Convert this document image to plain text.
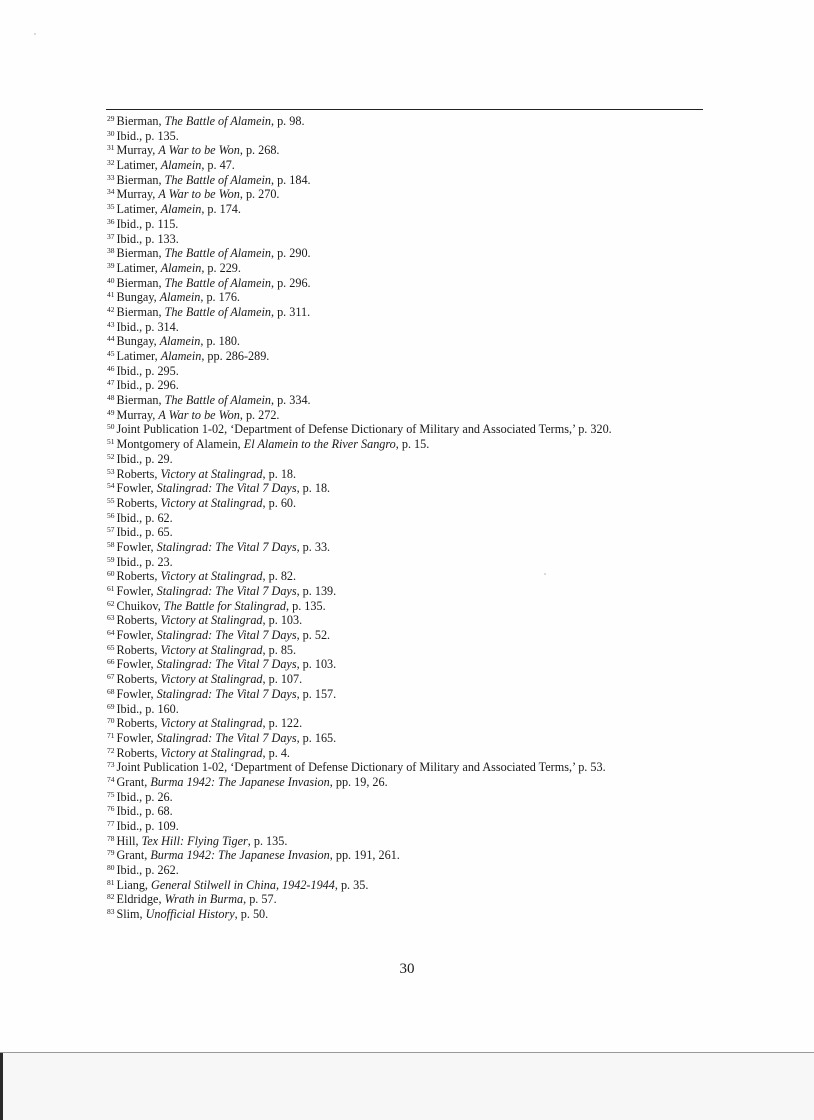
$^{29}$ Bierman, The Battle of Alamein, p. 98.
$^{30}$ Ibid., p. 135.
$^{31}$ Murray, A War to be Won, p. 268.
$^{32}$ Latimer, Alamein, p. 47.
$^{33}$ Bierman, The Battle of Alamein, p. 184.
$^{34}$ Murray, A War to be Won, p. 270.
$^{35}$ Latimer, Alamein, p. 174.
$^{36}$ Ibid., p. 115.
$^{37}$ Ibid., p. 133.
$^{38}$ Bierman, The Battle of Alamein, p. 290.
$^{39}$ Latimer, Alamein, p. 229.
$^{40}$ Bierman, The Battle of Alamein, p. 296.
$^{41}$ Bungay, Alamein, p. 176.
$^{42}$ Bierman, The Battle of Alamein, p. 311.
$^{43}$ Ibid., p. 314.
$^{44}$ Bungay, Alamein, p. 180.
$^{45}$ Latimer, Alamein, pp. 286-289.
$^{46}$ Ibid., p. 295.
$^{47}$ Ibid., p. 296.
$^{48}$ Bierman, The Battle of Alamein, p. 334.
$^{49}$ Murray, A War to be Won, p. 272.
$^{50}$ Joint Publication 1-02, ‘Department of Defense Dictionary of Military and Associated Terms,’ p. 320.
$^{51}$ Montgomery of Alamein, El Alamein to the River Sangro, p. 15.
$^{52}$ Ibid., p. 29.
$^{53}$ Roberts, Victory at Stalingrad, p. 18.
$^{54}$ Fowler, Stalingrad: The Vital 7 Days, p. 18.
$^{55}$ Roberts, Victory at Stalingrad, p. 60.
$^{56}$ Ibid., p. 62.
$^{57}$ Ibid., p. 65.
$^{58}$ Fowler, Stalingrad: The Vital 7 Days, p. 33.
$^{59}$ Ibid., p. 23.
$^{60}$ Roberts, Victory at Stalingrad, p. 82.
$^{61}$ Fowler, Stalingrad: The Vital 7 Days, p. 139.
$^{62}$ Chuikov, The Battle for Stalingrad, p. 135.
$^{63}$ Roberts, Victory at Stalingrad, p. 103.
$^{64}$ Fowler, Stalingrad: The Vital 7 Days, p. 52.
$^{65}$ Roberts, Victory at Stalingrad, p. 85.
$^{66}$ Fowler, Stalingrad: The Vital 7 Days, p. 103.
$^{67}$ Roberts, Victory at Stalingrad, p. 107.
$^{68}$ Fowler, Stalingrad: The Vital 7 Days, p. 157.
$^{69}$ Ibid., p. 160.
$^{70}$ Roberts, Victory at Stalingrad, p. 122.
$^{71}$ Fowler, Stalingrad: The Vital 7 Days, p. 165.
$^{72}$ Roberts, Victory at Stalingrad, p. 4.
$^{73}$ Joint Publication 1-02, ‘Department of Defense Dictionary of Military and Associated Terms,’ p. 53.
$^{74}$ Grant, Burma 1942: The Japanese Invasion, pp. 19, 26.
$^{75}$ Ibid., p. 26.
$^{76}$ Ibid., p. 68.
$^{77}$ Ibid., p. 109.
$^{78}$ Hill, Tex Hill: Flying Tiger, p. 135.
$^{79}$ Grant, Burma 1942: The Japanese Invasion, pp. 191, 261.
$^{80}$ Ibid., p. 262.
$^{81}$ Liang, General Stilwell in China, 1942-1944, p. 35.
$^{82}$ Eldridge, Wrath in Burma, p. 57.
$^{83}$ Slim, Unofficial History, p. 50.
30
